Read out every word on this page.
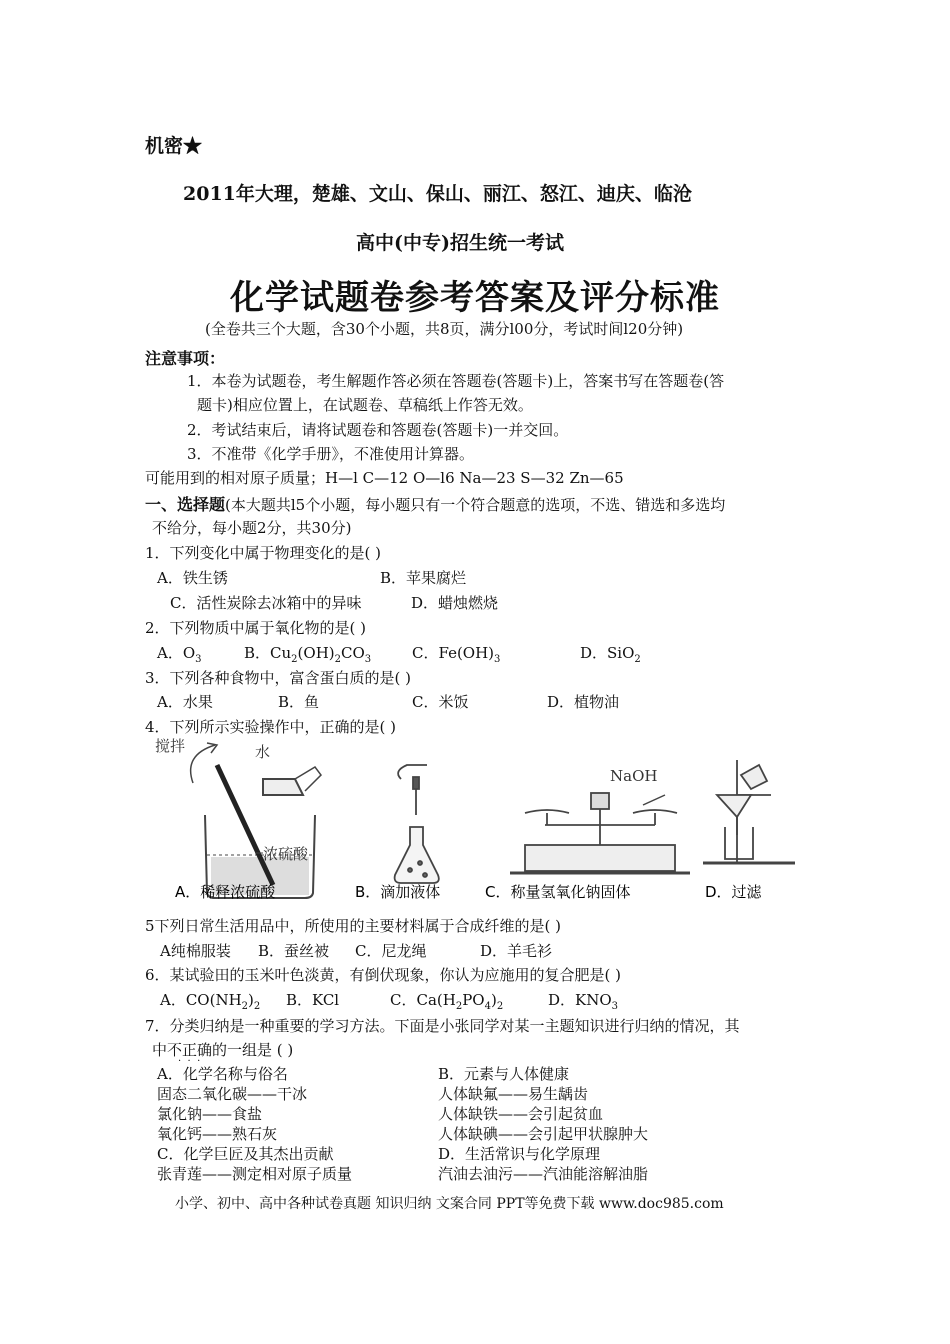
机密★
2011年大理，楚雄、文山、保山、丽江、怒江、迪庆、临沧
高中(中专)招生统一考试
化学试题卷参考答案及评分标准
(全卷共三个大题，含30个小题，共8页，满分l00分，考试时间l20分钟)
注意事项：
1．本卷为试题卷，考生解题作答必须在答题卷(答题卡)上，答案书写在答题卷(答
题卡)相应位置上，在试题卷、草稿纸上作答无效。
2．考试结束后，请将试题卷和答题卷(答题卡)一并交回。
3．不准带《化学手册》，不准使用计算器。
可能用到的相对原子质量；H—l C—12 O—l6 Na—23 S—32 Zn—65
一、选择题(本大题共l5个小题，每小题只有一个符合题意的选项，不选、错选和多选均
不给分，每小题2分，共30分)
1．下列变化中属于物理变化的是( )
A．铁生锈	B．苹果腐烂
C．活性炭除去冰箱中的异味	D．蜡烛燃烧
2．下列物质中属于氧化物的是( )
A．$O_3$	B．$Cu_2(OH)_2CO_3$	C．$Fe(OH)_3$	D．SiO$_2$
3．下列各种食物中，富含蛋白质的是( )
A．水果	B．鱼	C．米饭	D．植物油
4．下列所示实验操作中，正确的是( )
搅拌	水
浓硫酸
NaOH
A．稀释浓硫酸	B．滴加液体	C．称量氢氧化钠固体	D．过滤
5下列日常生活用品中，所使用的主要材料属于合成纤维的是( )
A纯棉服装 B．蚕丝被 C．尼龙绳	D．羊毛衫
6．某试验田的玉米叶色淡黄，有倒伏现象，你认为应施用的复合肥是( )
A．$CO(NH_2)_2$ B．KCl	C．$Ca(H_2PO_4)_2$	D．$KNO_3$
7．分类归纳是一种重要的学习方法。下面是小张同学对某一主题知识进行归纳的情况，其
中不正确的一组是 ( )
·  ·  ·
A．化学名称与俗名
固态二氧化碳——干冰
氯化钠——食盐
氧化钙——熟石灰
C．化学巨匠及其杰出贡献
张青莲——测定相对原子质量
B．元素与人体健康
人体缺氟——易生龋齿
人体缺铁——会引起贫血
人体缺碘——会引起甲状腺肿大
D．生活常识与化学原理
汽油去油污——汽油能溶解油脂
小学、初中、高中各种试卷真题 知识归纳 文案合同 PPT等免费下载 www.doc985.com
